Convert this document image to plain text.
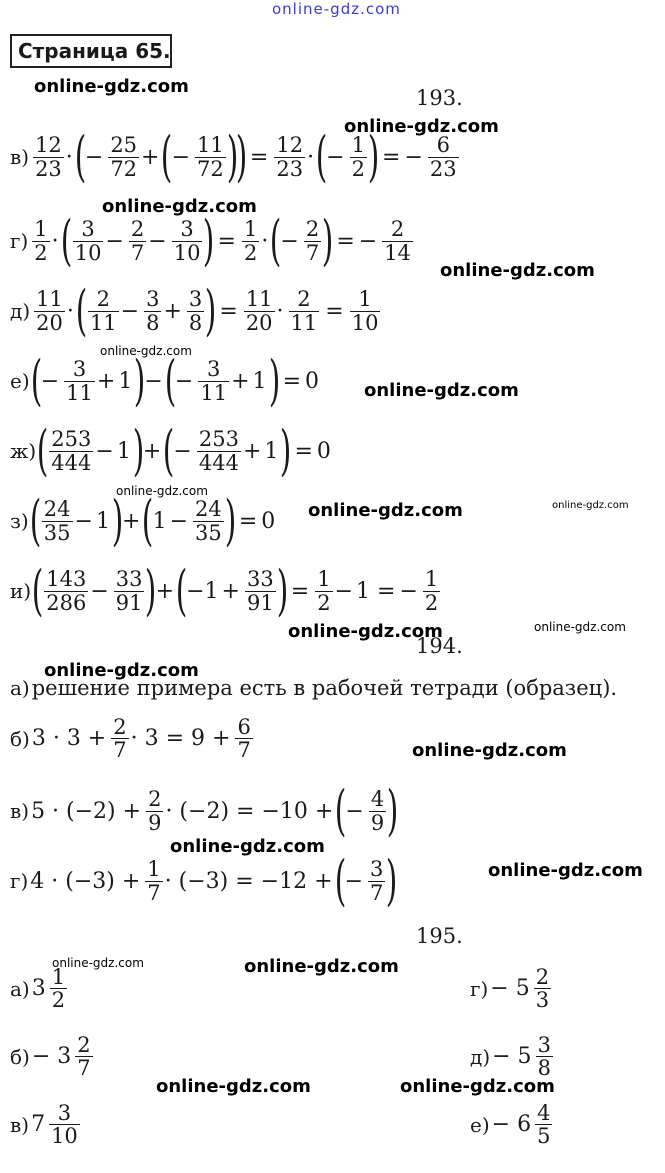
online-gdz.com
Страница 65.
online-gdz.com
online-gdz.com
online-gdz.com
online-gdz.com
online-gdz.com
online-gdz.com
online-gdz.com
online-gdz.com	online-gdz.com
online-gdz.com	online-gdz.com
online-gdz.com
online-gdz.com
online-gdz.com
online-gdz.com
online-gdz.com	online-gdz.com
online-gdz.com	online-gdz.com
193.
$в) \frac{12}{23}$ · (
− $\frac{25}{72}$ + (
− $\frac{11}{72}$ )
) = $\frac{12}{23}$ · (
− $\frac{1}{2}$ ) = − $\frac{6}{23}$
$г) \frac{1}{2}$ · ( $\frac{3}{10} - \frac{2}{7} - \frac{3}{10}$ ) = $\frac{1}{2}$ · (
− $\frac{2}{7}$ ) = − $\frac{2}{14}$
$д) \frac{11}{20}$ · ( $\frac{2}{11} - \frac{3}{8} + \frac{3}{8}$ ) = $\frac{11}{20} \cdot \frac{2}{11} = \frac{1}{10}$
е) (
− $\frac{3}{11} + 1$ )
− (
− $\frac{3}{11} + 1$ ) = 0
ж) ( $\frac{253}{444} - 1$ )
+ (
− $\frac{253}{444} + 1$ ) = 0
з) ( $\frac{24}{35} - 1$ )
+ (
$1 - \frac{24}{35}$ ) = 0
и) ( $\frac{143}{286} - \frac{33}{91}$ )
+ (
$-1 + \frac{33}{91}$ ) = $\frac{1}{2} - 1$ = − $\frac{1}{2}$
194.
а) решение примера есть в рабочей тетради (образец).
б) $3 \cdot 3 + \frac{2}{7} \cdot 3 = 9 + \frac{6}{7}$
в) $5 \cdot (-2) + \frac{2}{9} \cdot (-2) = -10$ + (
− $\frac{4}{9}$ )
г) $4 \cdot (-3) + \frac{1}{7} \cdot (-3) = -12$ + (
− $\frac{3}{7}$ )
195.
а) $3 \frac{1}{2}$
$б) - 3 \frac{2}{7}$
в) $7 \frac{3}{10}$
$г) - 5 \frac{2}{3}$
$д) - 5 \frac{3}{8}$
$е) - 6 \frac{4}{5}$
